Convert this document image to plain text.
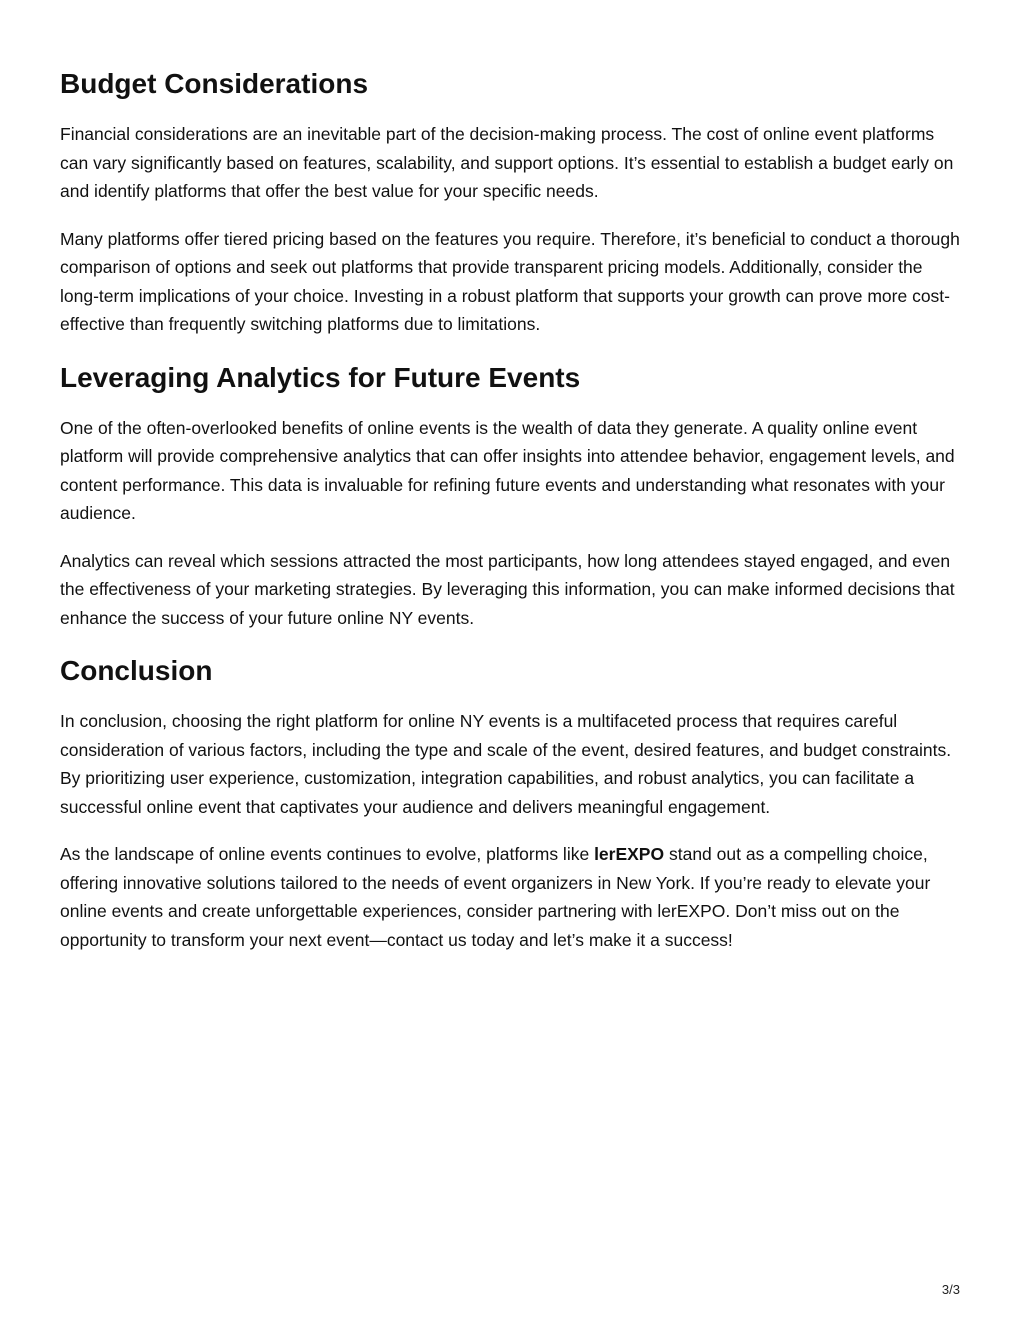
Budget Considerations

Financial considerations are an inevitable part of the decision-making process. The cost of online event platforms can vary significantly based on features, scalability, and support options. It’s essential to establish a budget early on and identify platforms that offer the best value for your specific needs.

Many platforms offer tiered pricing based on the features you require. Therefore, it’s beneficial to conduct a thorough comparison of options and seek out platforms that provide transparent pricing models. Additionally, consider the long-term implications of your choice. Investing in a robust platform that supports your growth can prove more cost-effective than frequently switching platforms due to limitations.

Leveraging Analytics for Future Events

One of the often-overlooked benefits of online events is the wealth of data they generate. A quality online event platform will provide comprehensive analytics that can offer insights into attendee behavior, engagement levels, and content performance. This data is invaluable for refining future events and understanding what resonates with your audience.

Analytics can reveal which sessions attracted the most participants, how long attendees stayed engaged, and even the effectiveness of your marketing strategies. By leveraging this information, you can make informed decisions that enhance the success of your future online NY events.

Conclusion

In conclusion, choosing the right platform for online NY events is a multifaceted process that requires careful consideration of various factors, including the type and scale of the event, desired features, and budget constraints. By prioritizing user experience, customization, integration capabilities, and robust analytics, you can facilitate a successful online event that captivates your audience and delivers meaningful engagement.

As the landscape of online events continues to evolve, platforms like lerEXPO stand out as a compelling choice, offering innovative solutions tailored to the needs of event organizers in New York. If you’re ready to elevate your online events and create unforgettable experiences, consider partnering with lerEXPO. Don’t miss out on the opportunity to transform your next event—contact us today and let’s make it a success!

3/3
